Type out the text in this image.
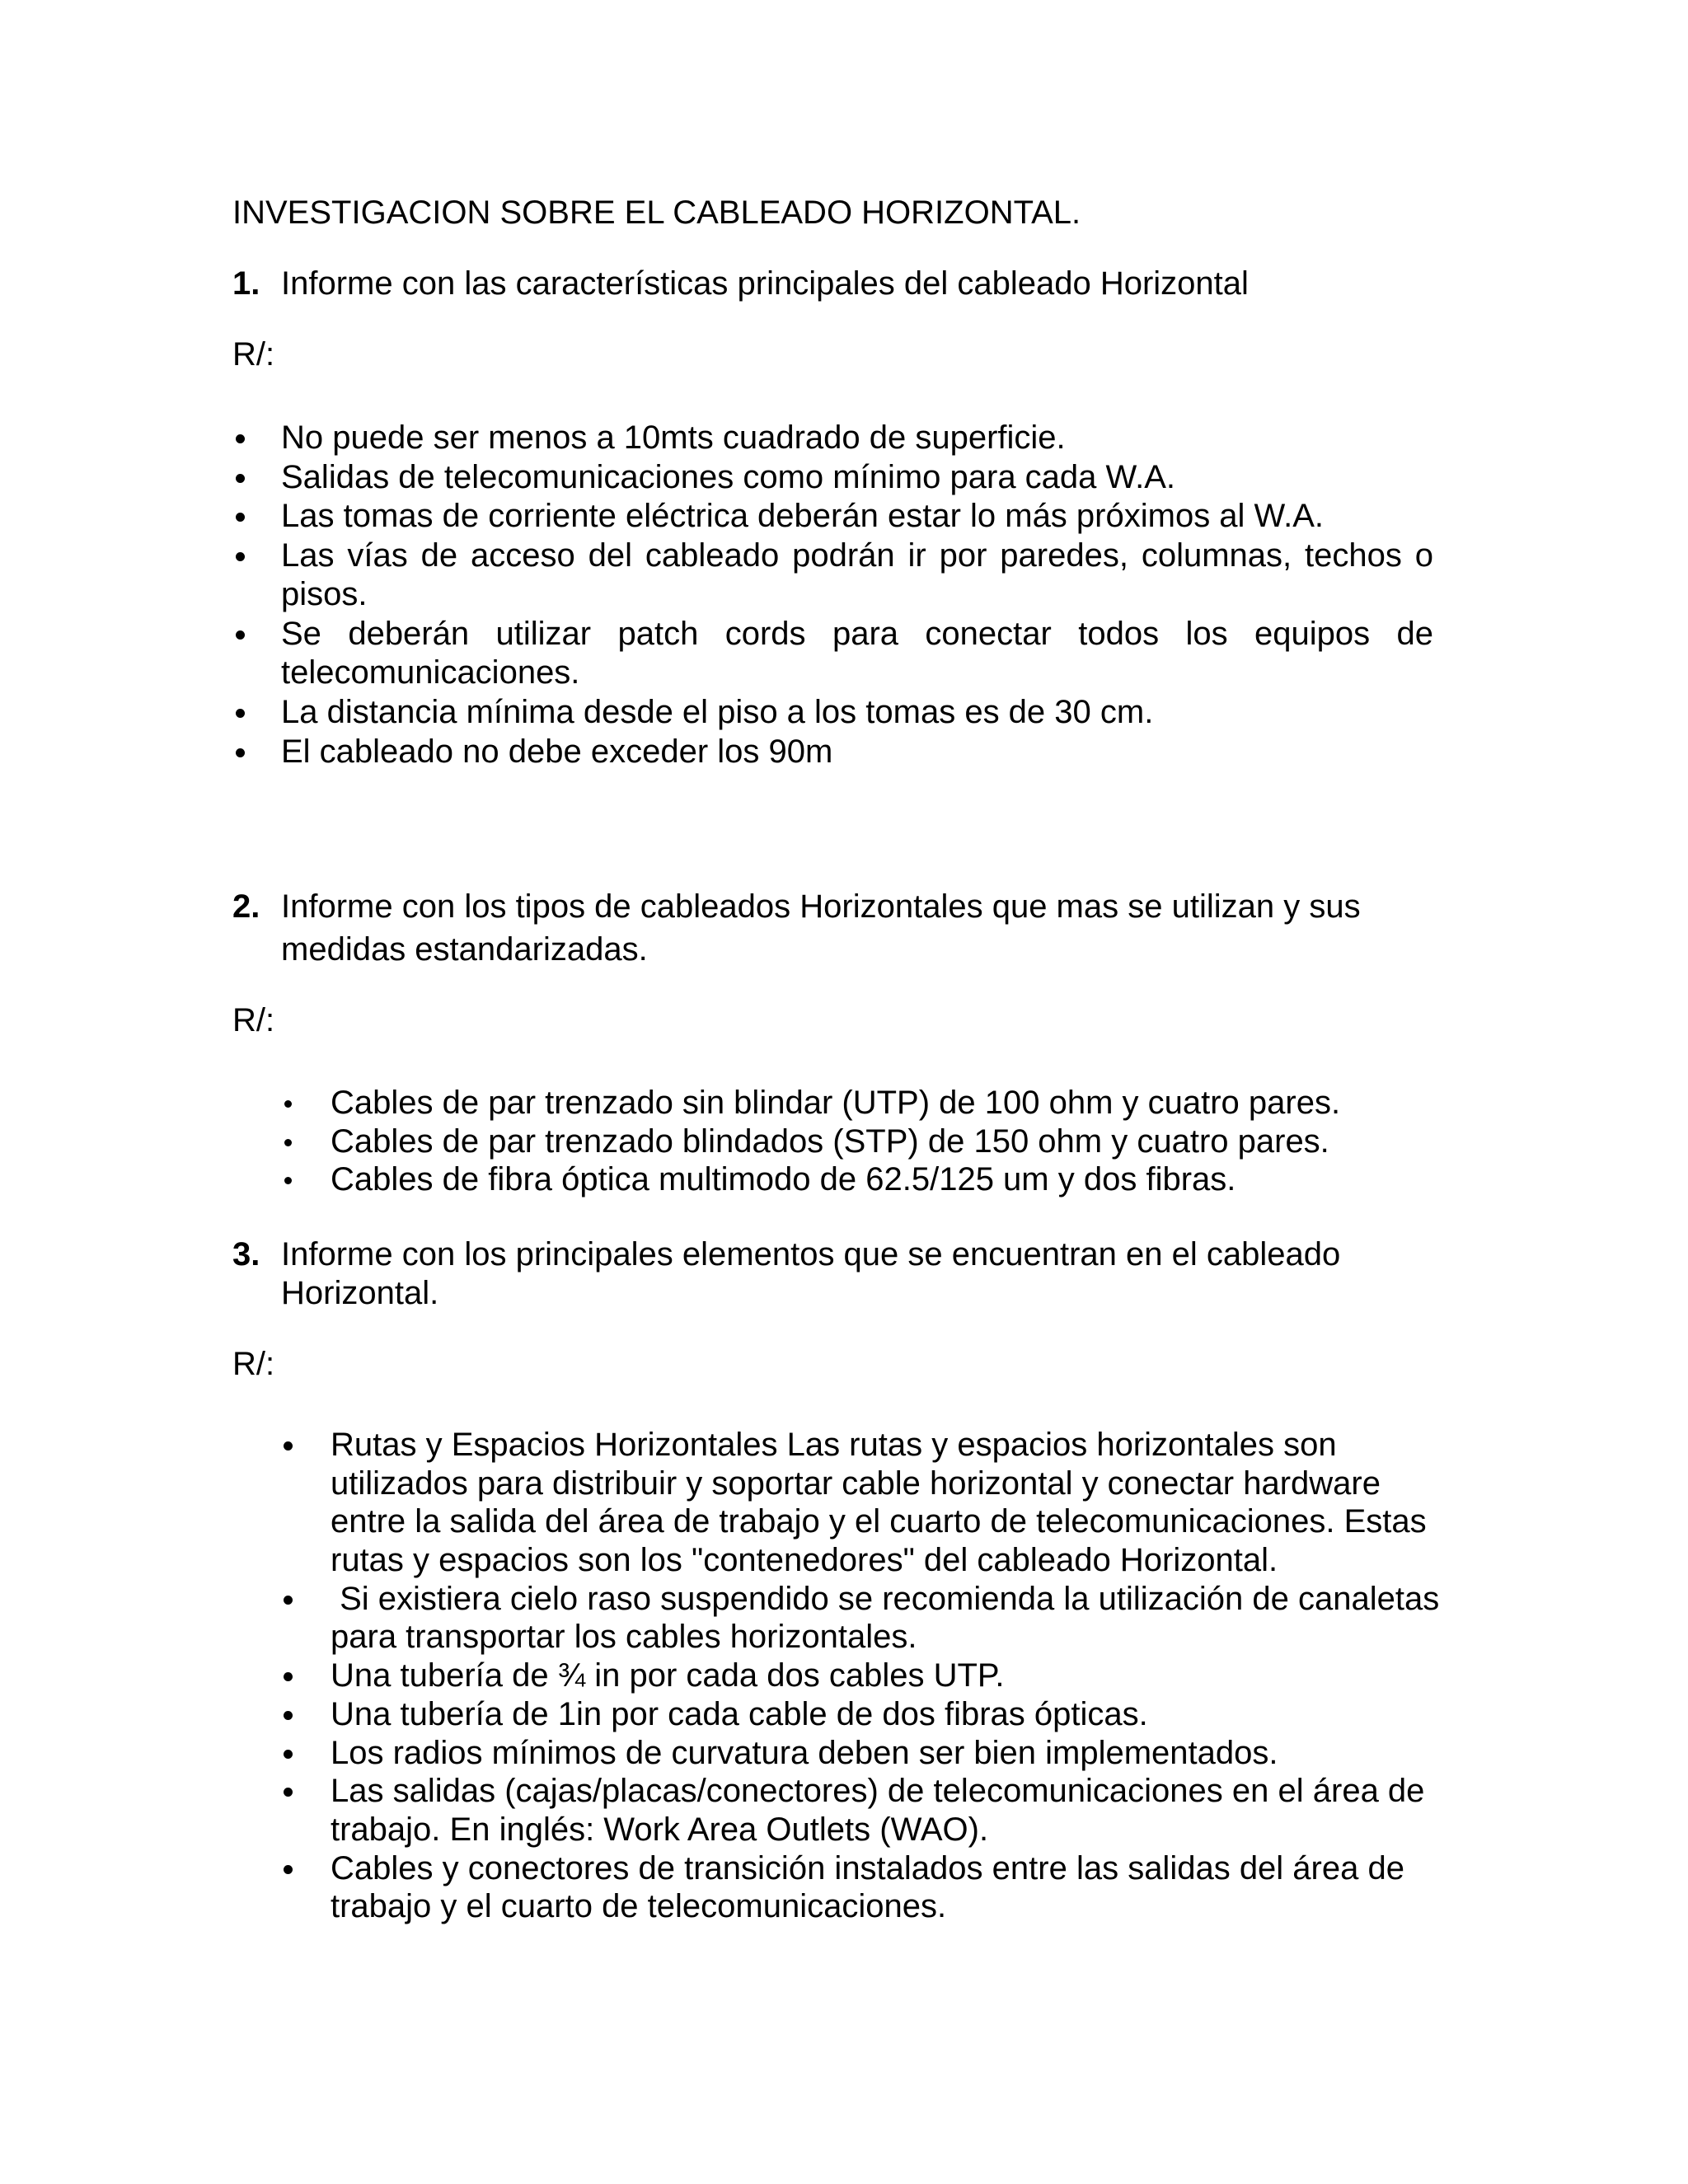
INVESTIGACION SOBRE EL CABLEADO HORIZONTAL.
1. Informe con las características principales del cableado Horizontal
R/:
No puede ser menos a 10mts cuadrado de superficie.
Salidas de telecomunicaciones como mínimo para cada W.A.
Las tomas de corriente eléctrica deberán estar lo más próximos al W.A.
Las vías de acceso del cableado podrán ir por paredes, columnas, techos o
pisos.
Se deberán utilizar patch cords para conectar todos los equipos de
telecomunicaciones.
La distancia mínima desde el piso a los tomas es de 30 cm.
El cableado no debe exceder los 90m
2. Informe con los tipos de cableados Horizontales que mas se utilizan y sus
medidas estandarizadas.
R/:
Cables de par trenzado sin blindar (UTP) de 100 ohm y cuatro pares.
Cables de par trenzado blindados (STP) de 150 ohm y cuatro pares.
Cables de fibra óptica multimodo de 62.5/125 um y dos fibras.
3. Informe con los principales elementos que se encuentran en el cableado
Horizontal.
R/:
Rutas y Espacios Horizontales Las rutas y espacios horizontales son
utilizados para distribuir y soportar cable horizontal y conectar hardware
entre la salida del área de trabajo y el cuarto de telecomunicaciones. Estas
rutas y espacios son los "contenedores" del cableado Horizontal.
Si existiera cielo raso suspendido se recomienda la utilización de canaletas
para transportar los cables horizontales.
Una tubería de ¾ in por cada dos cables UTP.
Una tubería de 1in por cada cable de dos fibras ópticas.
Los radios mínimos de curvatura deben ser bien implementados.
Las salidas (cajas/placas/conectores) de telecomunicaciones en el área de
trabajo. En inglés: Work Area Outlets (WAO).
Cables y conectores de transición instalados entre las salidas del área de
trabajo y el cuarto de telecomunicaciones.
